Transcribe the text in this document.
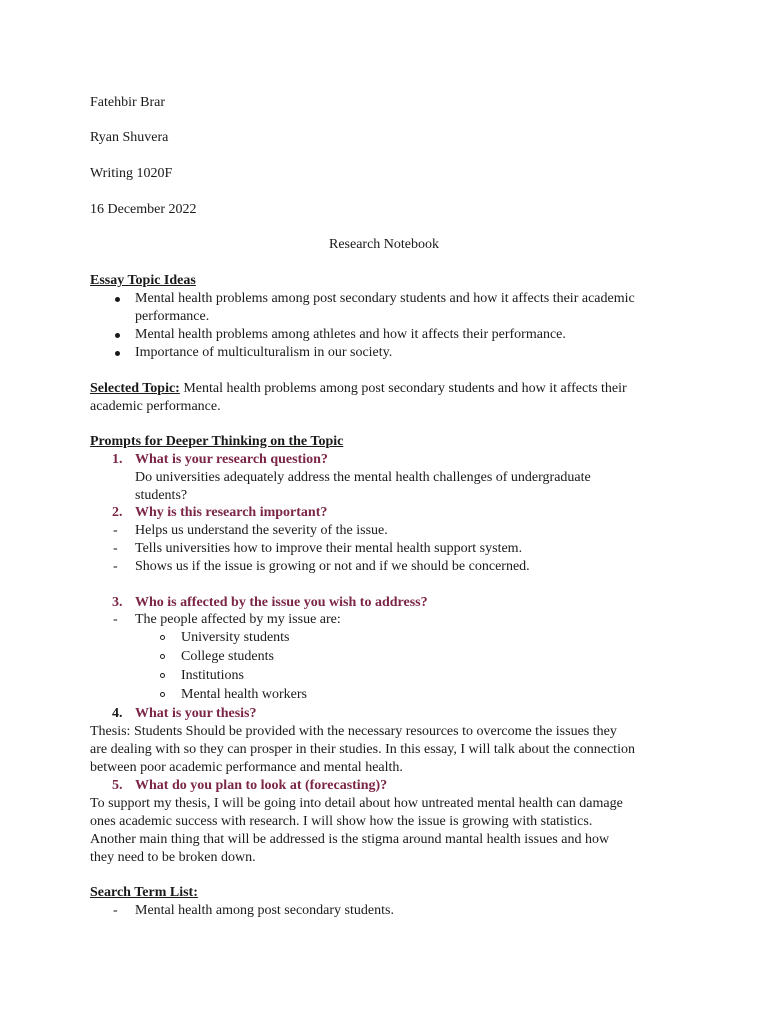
Fatehbir Brar
Ryan Shuvera
Writing 1020F
16 December 2022
Research Notebook
Essay Topic Ideas
Mental health problems among post secondary students and how it affects their academic
performance.
Mental health problems among athletes and how it affects their performance.
Importance of multiculturalism in our society.
Selected Topic: Mental health problems among post secondary students and how it affects their
academic performance.
Prompts for Deeper Thinking on the Topic
1. What is your research question?
Do universities adequately address the mental health challenges of undergraduate
students?
2. Why is this research important?
- Helps us understand the severity of the issue.
- Tells universities how to improve their mental health support system.
- Shows us if the issue is growing or not and if we should be concerned.
3. Who is affected by the issue you wish to address?
- The people affected by my issue are:
University students
College students
Institutions
Mental health workers
4. What is your thesis?
Thesis: Students Should be provided with the necessary resources to overcome the issues they
are dealing with so they can prosper in their studies. In this essay, I will talk about the connection
between poor academic performance and mental health.
5. What do you plan to look at (forecasting)?
To support my thesis, I will be going into detail about how untreated mental health can damage
ones academic success with research. I will show how the issue is growing with statistics.
Another main thing that will be addressed is the stigma around mantal health issues and how
they need to be broken down.
Search Term List:
- Mental health among post secondary students.
